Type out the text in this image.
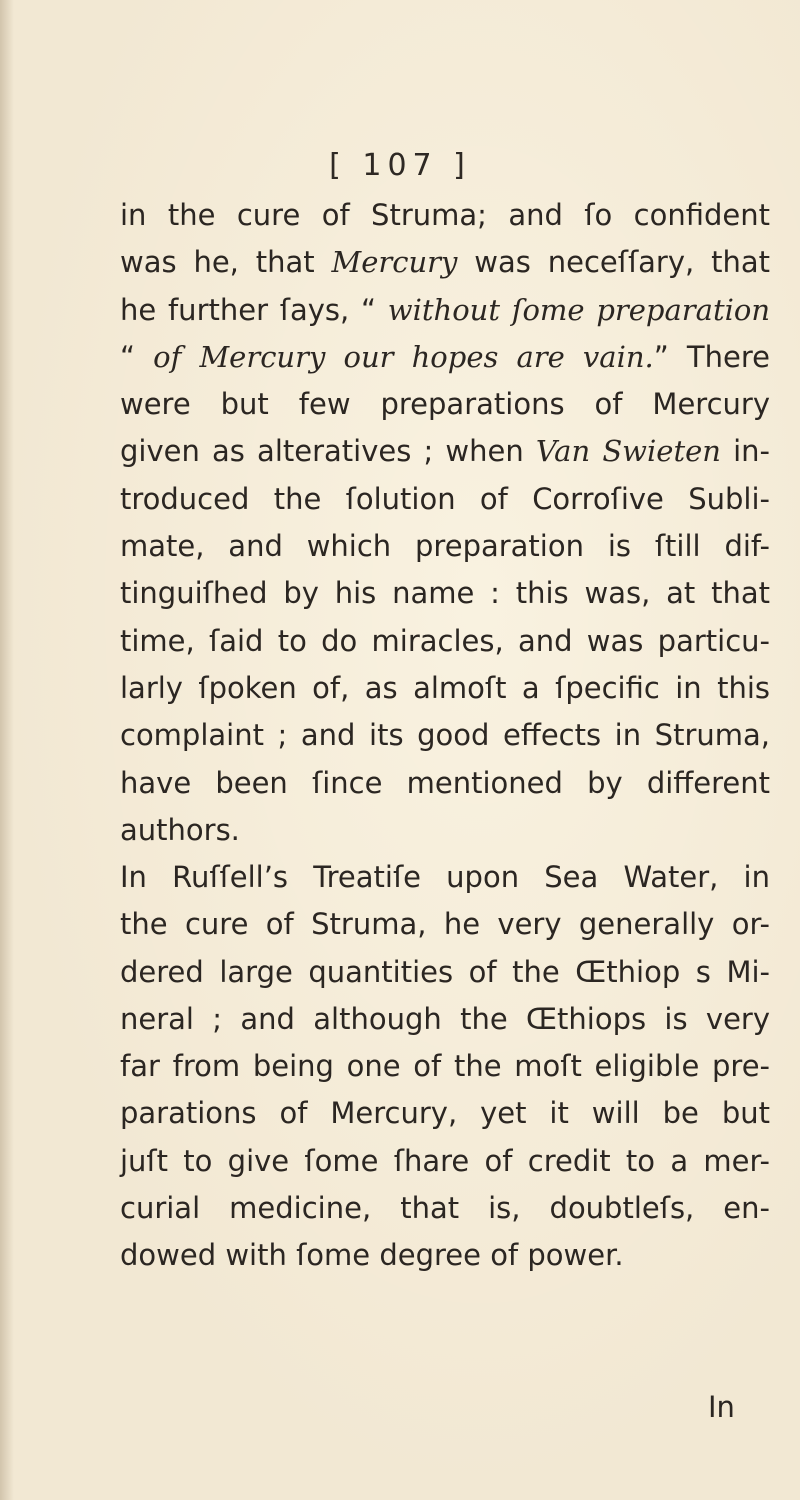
[ 107 ]
in the cure of Struma; and ſo confident
was he, that Mercury was neceſſary, that
he further ſays, “ without ſome preparation
“ of Mercury our hopes are vain.” There
were but few preparations of Mercury
given as alteratives ; when Van Swieten in-
troduced the ſolution of Corroſive Subli-
mate, and which preparation is ſtill dif-
tinguiſhed by his name : this was, at that
time, ſaid to do miracles, and was particu-
larly ſpoken of, as almoſt a ſpecific in this
complaint ; and its good effects in Struma,
have been ſince mentioned by different
authors.
In Ruſſell’s Treatiſe upon Sea Water, in
the cure of Struma, he very generally or-
dered large quantities of the Œthiop s Mi-
neral ; and although the Œthiops is very
far from being one of the moſt eligible pre-
parations of Mercury, yet it will be but
juſt to give ſome ſhare of credit to a mer-
curial medicine, that is, doubtleſs, en-
dowed with ſome degree of power.
In
